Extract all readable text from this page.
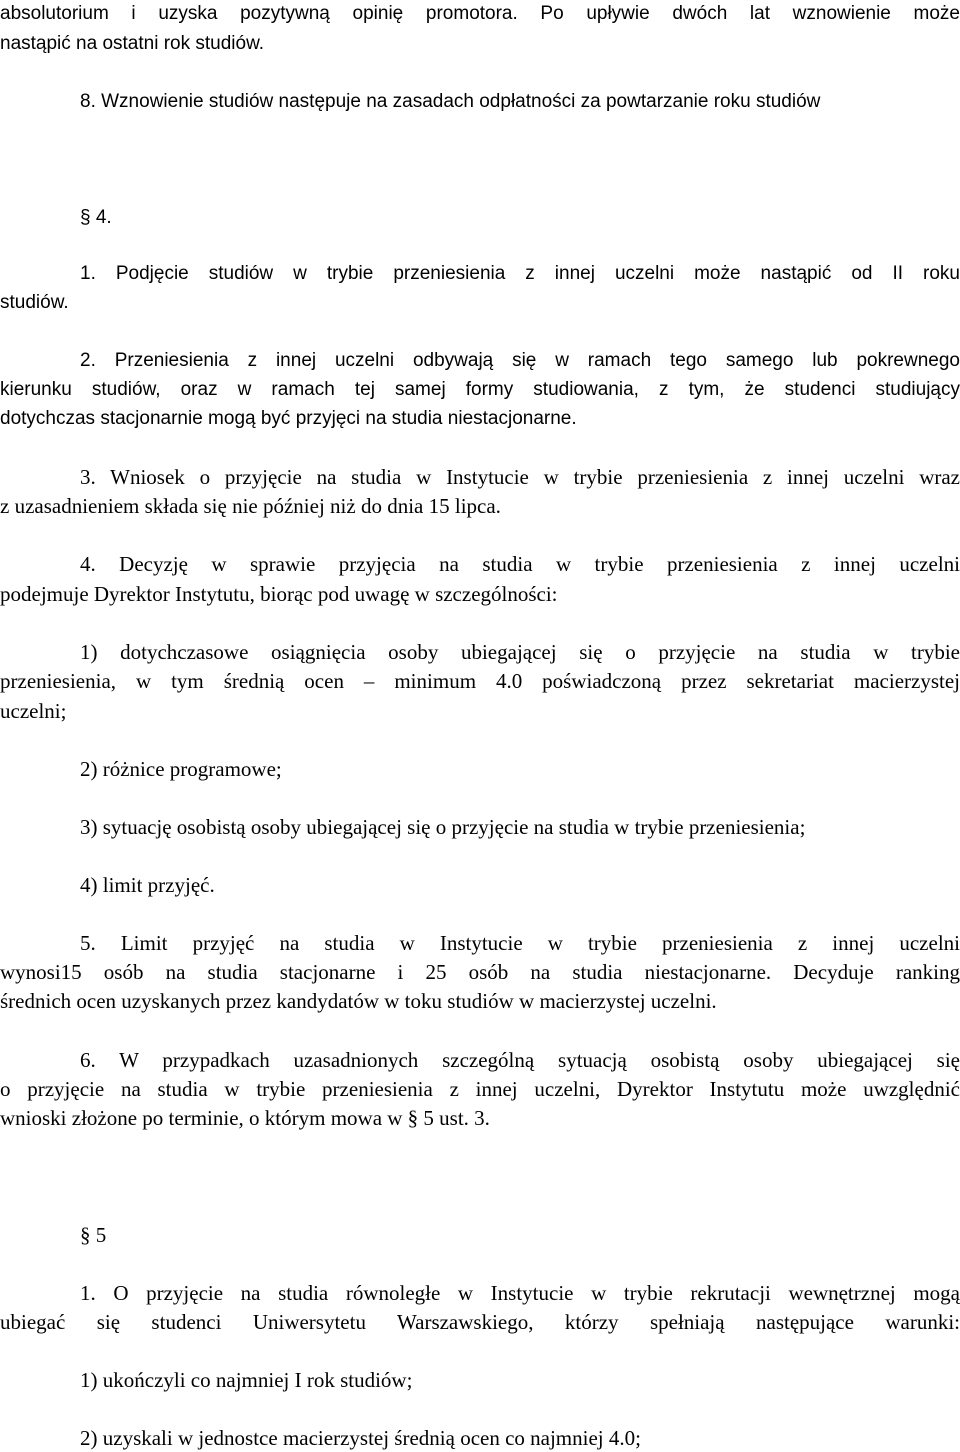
absolutorium i uzyska pozytywną opinię promotora. Po upływie dwóch lat wznowienie może

nastąpić na ostatni rok studiów.

8. Wznowienie studiów następuje na zasadach odpłatności za powtarzanie roku studiów

§ 4.

1. Podjęcie studiów w trybie przeniesienia z innej uczelni może nastąpić od II roku

studiów.

2. Przeniesienia z innej uczelni odbywają się w ramach tego samego lub pokrewnego

kierunku studiów, oraz w ramach tej samej formy studiowania, z tym, że studenci studiujący

dotychczas stacjonarnie mogą być przyjęci na studia niestacjonarne.

3. Wniosek o przyjęcie na studia w Instytucie w trybie przeniesienia z innej uczelni wraz

z uzasadnieniem składa się nie później niż do dnia 15 lipca.

4. Decyzję w sprawie przyjęcia na studia w trybie przeniesienia z innej uczelni

podejmuje Dyrektor Instytutu, biorąc pod uwagę w szczególności:

1) dotychczasowe osiągnięcia osoby ubiegającej się o przyjęcie na studia w trybie

przeniesienia, w tym średnią ocen – minimum 4.0 poświadczoną przez sekretariat macierzystej

uczelni;

2) różnice programowe;

3) sytuację osobistą osoby ubiegającej się o przyjęcie na studia w trybie przeniesienia;

4) limit przyjęć.

5. Limit przyjęć na studia w Instytucie w trybie przeniesienia z innej uczelni

wynosi15 osób na studia stacjonarne i 25 osób na studia niestacjonarne. Decyduje ranking

średnich ocen uzyskanych przez kandydatów w toku studiów w macierzystej uczelni.

6. W przypadkach uzasadnionych szczególną sytuacją osobistą osoby ubiegającej się

o przyjęcie na studia w trybie przeniesienia z innej uczelni, Dyrektor Instytutu może uwzględnić

wnioski złożone po terminie, o którym mowa w § 5 ust. 3.

§ 5

1. O przyjęcie na studia równoległe w Instytucie w trybie rekrutacji wewnętrznej mogą

ubiegać się studenci Uniwersytetu Warszawskiego, którzy spełniają następujące warunki:

1) ukończyli co najmniej I rok studiów;

2) uzyskali w jednostce macierzystej średnią ocen co najmniej 4.0;
